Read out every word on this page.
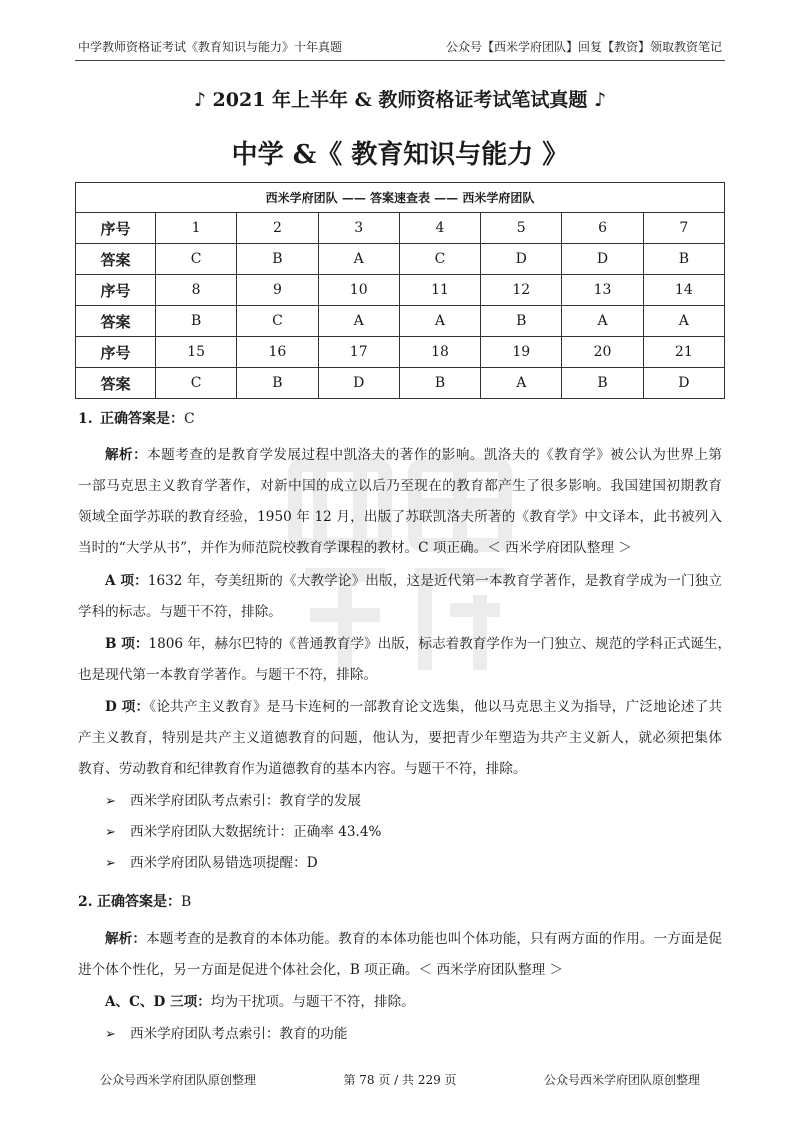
中学教师资格证考试《教育知识与能力》十年真题	公众号【西米学府团队】回复【教资】领取教资笔记
♪ 2021 年上半年 & 教师资格证考试笔试真题 ♪
中学 &《 教育知识与能力 》
西米学府团队 —— 答案速查表 —— 西米学府团队							
序号	1	2	3	4	5	6	7
答案	C	B	A	C	D	D	B
序号	8	9	10	11	12	13	14
答案	B	C	A	A	B	A	A
序号	15	16	17	18	19	20	21
答案	C	B	D	B	A	B	D
1. 正确答案是：C
解析：本题考查的是教育学发展过程中凯洛夫的著作的影响。凯洛夫的《教育学》被公认为世界上第
一部马克思主义教育学著作，对新中国的成立以后乃至现在的教育都产生了很多影响。我国建国初期教育
领域全面学苏联的教育经验，1950 年 12 月，出版了苏联凯洛夫所著的《教育学》中文译本，此书被列入
当时的“大学从书”，并作为师范院校教育学课程的教材。C 项正确。＜ 西米学府团队整理 ＞
A 项：1632 年，夸美纽斯的《大教学论》出版，这是近代第一本教育学著作，是教育学成为一门独立
学科的标志。与题干不符，排除。
B 项：1806 年，赫尔巴特的《普通教育学》出版，标志着教育学作为一门独立、规范的学科正式诞生，
也是现代第一本教育学著作。与题干不符，排除。
D 项：《论共产主义教育》是马卡连柯的一部教育论文选集，他以马克思主义为指导，广泛地论述了共
产主义教育，特别是共产主义道德教育的问题，他认为，要把青少年塑造为共产主义新人，就必须把集体
教育、劳动教育和纪律教育作为道德教育的基本内容。与题干不符，排除。
➢
西米学府团队考点索引：教育学的发展
➢
西米学府团队大数据统计：正确率 43.4%
➢
西米学府团队易错选项提醒：D
2. 正确答案是：B
解析：本题考查的是教育的本体功能。教育的本体功能也叫个体功能，只有两方面的作用。一方面是促
进个体个性化，另一方面是促进个体社会化，B 项正确。＜ 西米学府团队整理 ＞
A、C、D 三项：均为干扰项。与题干不符，排除。
➢
西米学府团队考点索引：教育的功能
公众号西米学府团队原创整理	第 78 页 / 共 229 页	公众号西米学府团队原创整理
